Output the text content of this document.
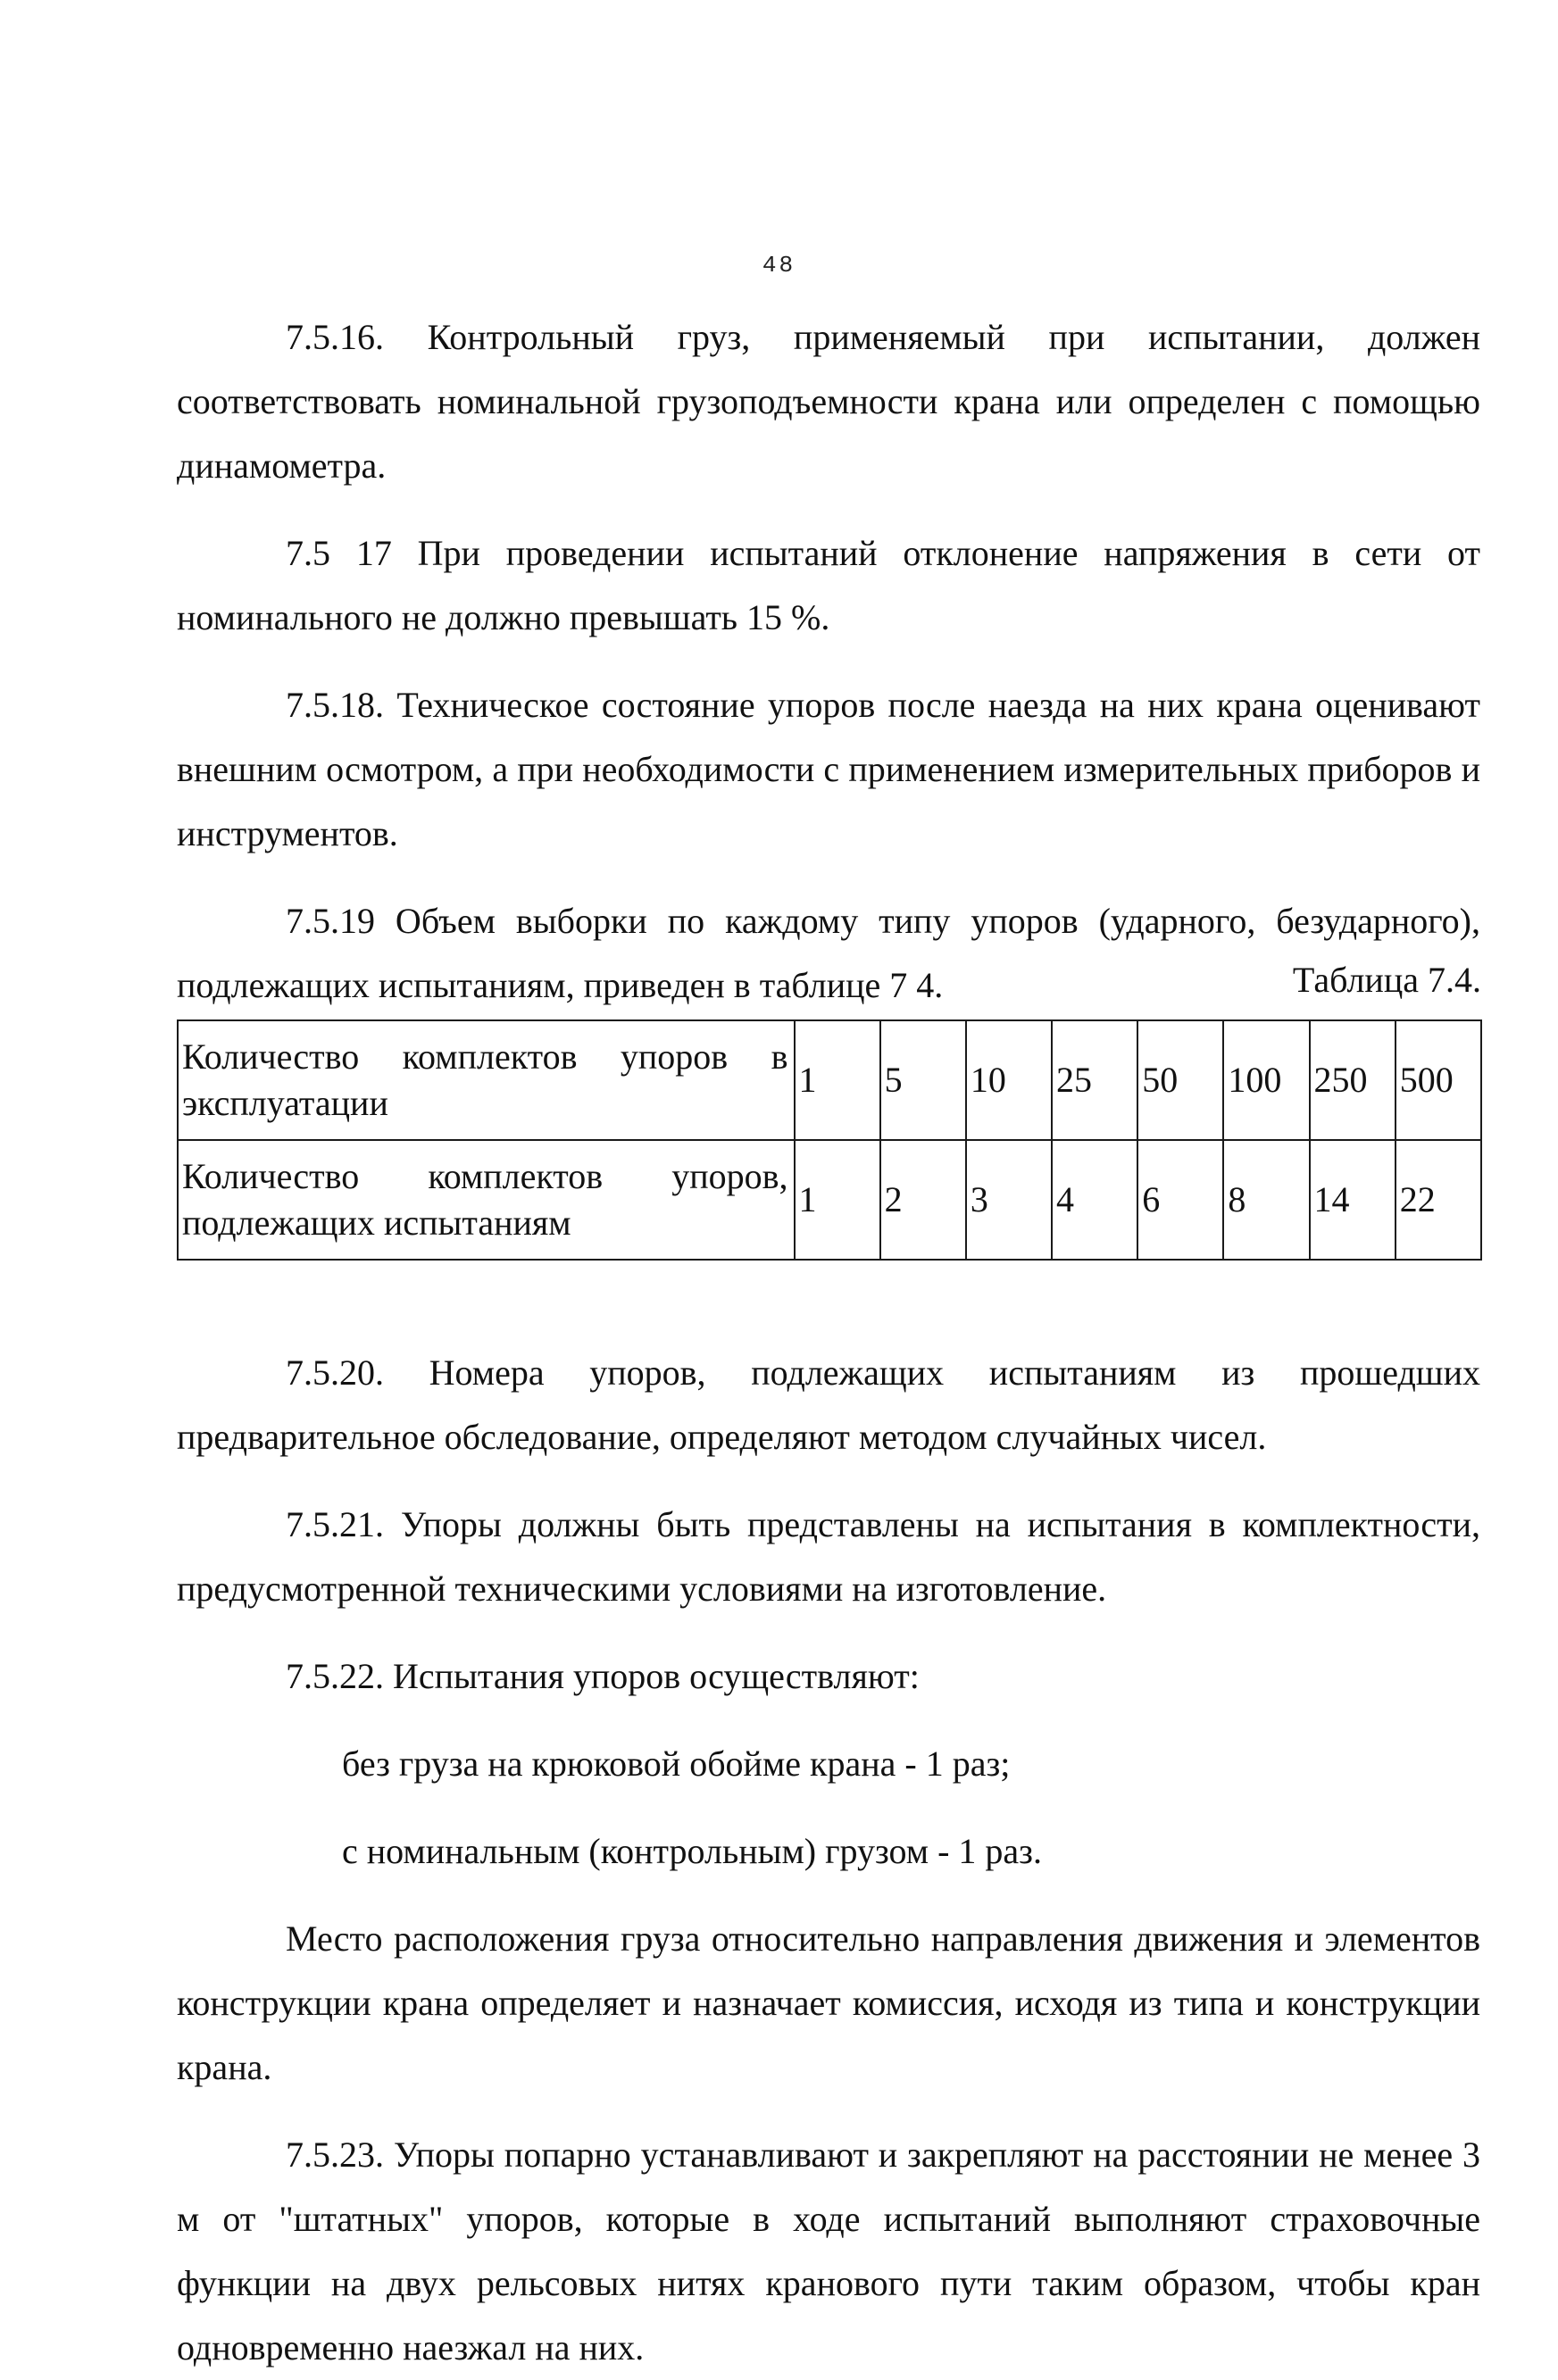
48

7.5.16. Контрольный груз, применяемый при испытании, должен соответствовать номинальной грузоподъемности крана или определен с помощью динамометра.

7.5 17 При проведении испытаний отклонение напряжения в сети от номинального не должно превышать 15 %.

7.5.18. Техническое состояние упоров после наезда на них крана оценивают внешним осмотром, а при необходимости с применением измерительных приборов и инструментов.

7.5.19 Объем выборки по каждому типу упоров (ударного, безударного), подлежащих испытаниям, приведен в таблице 7 4.	Таблица 7.4.
Количество комплектов упоров в эксплуатации	1	5	10	25	50	100	250	500
Количество комплектов упоров, подлежащих испытаниям	1	2	3	4	6	8	14	22

7.5.20. Номера упоров, подлежащих испытаниям из прошедших предварительное обследование, определяют методом случайных чисел.

7.5.21. Упоры должны быть представлены на испытания в комплектности, предусмотренной техническими условиями на изготовление.

7.5.22. Испытания упоров осуществляют:

без груза на крюковой обойме крана - 1 раз;

с номинальным (контрольным) грузом - 1 раз.

Место расположения груза относительно направления движения и элементов конструкции крана определяет и назначает комиссия, исходя из типа и конструкции крана.

7.5.23. Упоры попарно устанавливают и закрепляют на расстоянии не менее 3 м от "штатных" упоров, которые в ходе испытаний выполняют страховочные функции на двух рельсовых нитях кранового пути таким образом, чтобы кран одновременно наезжал на них.
